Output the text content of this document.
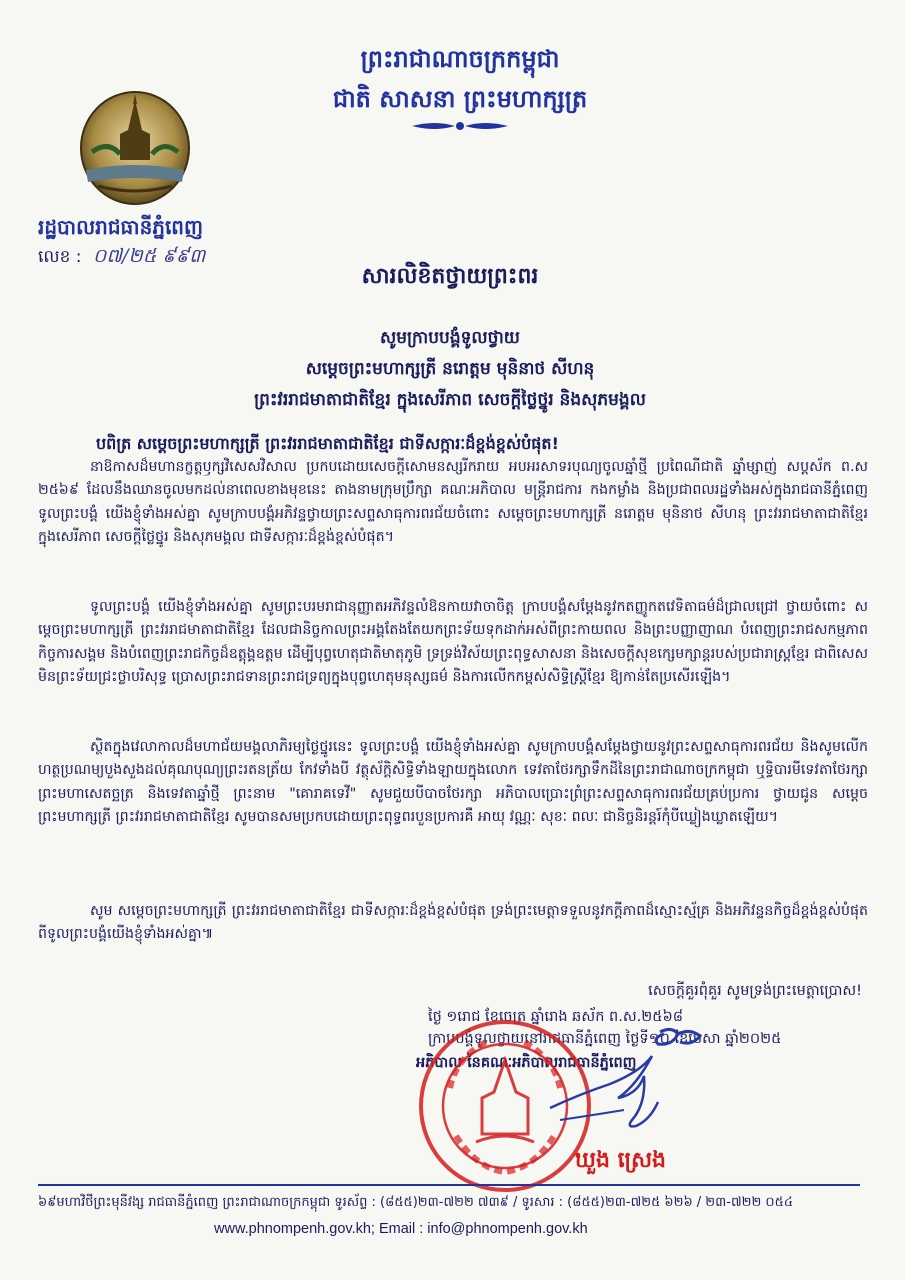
ព្រះរាជាណាចក្រកម្ពុជា
ជាតិ សាសនា ព្រះមហាក្សត្រ
រដ្ឋបាលរាជធានីភ្នំពេញ
លេខ : ០៧/២៥ ៩៩៣
សារលិខិតថ្វាយព្រះពរ
សូមក្រាបបង្គំទូលថ្វាយ
សម្តេចព្រះមហាក្សត្រី នរោត្តម មុនិនាថ សីហនុ
ព្រះវររាជមាតាជាតិខ្មែរ ក្នុងសេរីភាព សេចក្តីថ្លៃថ្នូរ និងសុភមង្គល
បពិត្រ សម្តេចព្រះមហាក្សត្រី ព្រះវររាជមាតាជាតិខ្មែរ ជាទីសក្ការៈដ៏ខ្ពង់ខ្ពស់បំផុត!

នាឱកាសដ៏មហានក្ខត្តឫក្សវិសេសវិសាល ប្រកបដោយសេចក្តីសោមនស្សរីករាយ អបអរសាទរបុណ្យចូលឆ្នាំថ្មី ប្រពៃណីជាតិ ឆ្នាំម្សាញ់ សប្តស័ក ព.ស ២៥៦៩ ដែលនឹងឈានចូលមកដល់នាពេលខាងមុខនេះ តាងនាមក្រុមប្រឹក្សា គណៈអភិបាល មន្ត្រីរាជការ កងកម្លាំង និងប្រជាពលរដ្ឋទាំងអស់ក្នុងរាជធានីភ្នំពេញ ទូលព្រះបង្គំ យើងខ្ញុំទាំងអស់គ្នា សូមក្រាបបង្គំអភិវន្ទថ្វាយព្រះសព្ទសាធុការពរជ័យចំពោះ សម្តេចព្រះមហាក្សត្រី នរោត្តម មុនិនាថ សីហនុ ព្រះវររាជមាតាជាតិខ្មែរ ក្នុងសេរីភាព សេចក្តីថ្លៃថ្នូរ និងសុភមង្គល ជាទីសក្ការៈដ៏ខ្ពង់ខ្ពស់បំផុត។

ទូលព្រះបង្គំ យើងខ្ញុំទាំងអស់គ្នា សូមព្រះបរមរាជានុញ្ញាតអភិវន្ទលំឱនកាយវាចាចិត្ត ក្រាបបង្គំសម្តែងនូវកតញ្ញូកតវេទិតាធម៌ដ៏ជ្រាលជ្រៅ ថ្វាយចំពោះ សម្តេចព្រះមហាក្សត្រី ព្រះវររាជមាតាជាតិខ្មែរ ដែលជានិច្ចកាលព្រះអង្គតែងតែយកព្រះទ័យទុកដាក់អស់ពីព្រះកាយពល និងព្រះបញ្ញាញាណ បំពេញព្រះរាជសកម្មភាពកិច្ចការសង្គម និងបំពេញព្រះរាជកិច្ចដ៏ឧត្តុង្គឧត្តម ដើម្បីបុព្វហេតុជាតិមាតុភូមិ ទ្រទ្រង់វិស័យព្រះពុទ្ធសាសនា និងសេចក្តីសុខក្សេមក្សាន្តរបស់ប្រជារាស្ត្រខ្មែរ ជាពិសេសមិនព្រះទ័យជ្រះថ្លាបរិសុទ្ធ ប្រោសព្រះរាជទានព្រះរាជទ្រព្យក្នុងបុព្វហេតុមនុស្សធម៌ និងការលើកកម្ពស់សិទ្ធិស្ត្រីខ្មែរ ឱ្យកាន់តែប្រសើរឡើង។

ស្ថិតក្នុងវេលាកាលដ៏មហាជ័យមង្គលាភិរម្យថ្ងៃថ្នូរនេះ ទូលព្រះបង្គំ យើងខ្ញុំទាំងអស់គ្នា សូមក្រាបបង្គំសម្តែងថ្វាយនូវព្រះសព្ទសាធុការពរជ័យ និងសូមលើកហត្ថប្រណម្យបួងសួងដល់គុណបុណ្យព្រះរតនត្រ័យ កែវទាំងបី វត្ថុស័ក្តិសិទ្ធិទាំងឡាយក្នុងលោក ទេវតាថែរក្សាទឹកដីនៃព្រះរាជាណាចក្រកម្ពុជា ឬទ្ធិបារមីទេវតាថែរក្សាព្រះមហាសេតច្ឆត្រ និងទេវតាឆ្នាំថ្មី ព្រះនាម "គោរាគទេវី" សូមជួយបីបាចថែរក្សា អភិបាលប្រោះព្រំព្រះសព្ទសាធុការពរជ័យគ្រប់ប្រការ ថ្វាយជូន សម្តេចព្រះមហាក្សត្រី ព្រះវររាជមាតាជាតិខ្មែរ សូមបានសមប្រកបដោយព្រះពុទ្ធពរបួនប្រការគឺ អាយុ វណ្ណៈ សុខៈ ពលៈ ជានិច្ចនិរន្តរ៍កុំបីឃ្លៀងឃ្លាតឡើយ។

សូម សម្តេចព្រះមហាក្សត្រី ព្រះវររាជមាតាជាតិខ្មែរ ជាទីសក្ការៈដ៏ខ្ពង់ខ្ពស់បំផុត ទ្រង់ព្រះមេត្តាទទួលនូវកក្តីភាពដ៏ស្មោះស្ម័គ្រ និងអភិវន្ទនកិច្ចដ៏ខ្ពង់ខ្ពស់បំផុត ពីទូលព្រះបង្គំយើងខ្ញុំទាំងអស់គ្នា៕

សេចក្តីគួរពុំគួរ សូមទ្រង់ព្រះមេត្តាប្រោស!
ថ្ងៃ ១រោជ ខែចេត្រ ឆ្នាំរោង ឆស័ក ព.ស.២៥៦៨
ក្រាបបង្គំទូលថ្វាយនៅរាជធានីភ្នំពេញ ថ្ងៃទី១០ ខែមេសា ឆ្នាំ២០២៥
អភិបាល នៃគណៈអភិបាលរាជធានីភ្នំពេញ
ឃួង ស្រេង
៦៩មហាវិថីព្រះមុនីវង្ស រាជធានីភ្នំពេញ ព្រះរាជាណាចក្រកម្ពុជា ទូរស័ព្ទ : (៨៥៥)២៣-៧២២ ៧៣៩ / ទូរសារ : (៨៥៥)២៣-៧២៥ ៦២៦ / ២៣-៧២២ ០៥៤
www.phnompenh.gov.kh; Email : info@phnompenh.gov.kh
